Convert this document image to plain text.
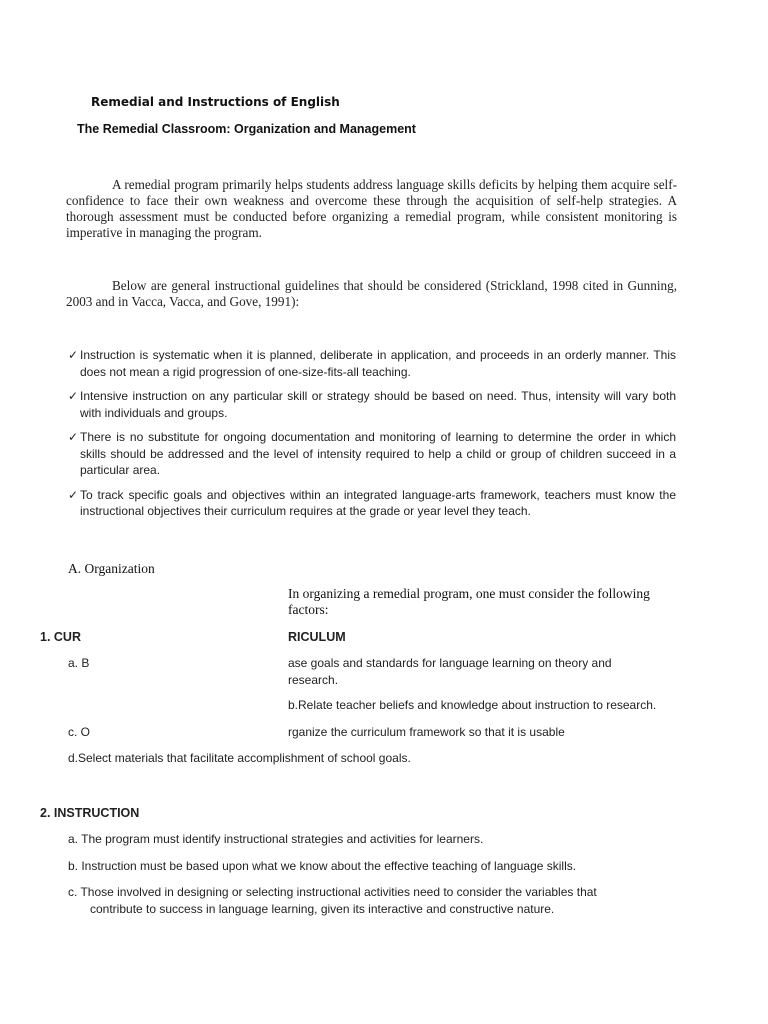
Remedial and Instructions of English

The Remedial Classroom: Organization and Management

A remedial program primarily helps students address language skills deficits by helping them acquire self-confidence to face their own weakness and overcome these through the acquisition of self-help strategies. A thorough assessment must be conducted before organizing a remedial program, while consistent monitoring is imperative in managing the program.

Below are general instructional guidelines that should be considered (Strickland, 1998 cited in Gunning, 2003 and in Vacca, Vacca, and Gove, 1991):

✓ Instruction is systematic when it is planned, deliberate in application, and proceeds in an orderly manner. This does not mean a rigid progression of one-size-fits-all teaching.
✓ Intensive instruction on any particular skill or strategy should be based on need. Thus, intensity will vary both with individuals and groups.
✓ There is no substitute for ongoing documentation and monitoring of learning to determine the order in which skills should be addressed and the level of intensity required to help a child or group of children succeed in a particular area.
✓ To track specific goals and objectives within an integrated language-arts framework, teachers must know the instructional objectives their curriculum requires at the grade or year level they teach.

A. Organization

In organizing a remedial program, one must consider the following factors:

1. CUR	RICULUM

a. B	ase goals and standards for language learning on theory and research.

b.Relate teacher beliefs and knowledge about instruction to research.

c. O	rganize the curriculum framework so that it is usable

d.Select materials that facilitate accomplishment of school goals.

2. INSTRUCTION

a. The program must identify instructional strategies and activities for learners.

b. Instruction must be based upon what we know about the effective teaching of language skills.

c. Those involved in designing or selecting instructional activities need to consider the variables that

contribute to success in language learning, given its interactive and constructive nature.
